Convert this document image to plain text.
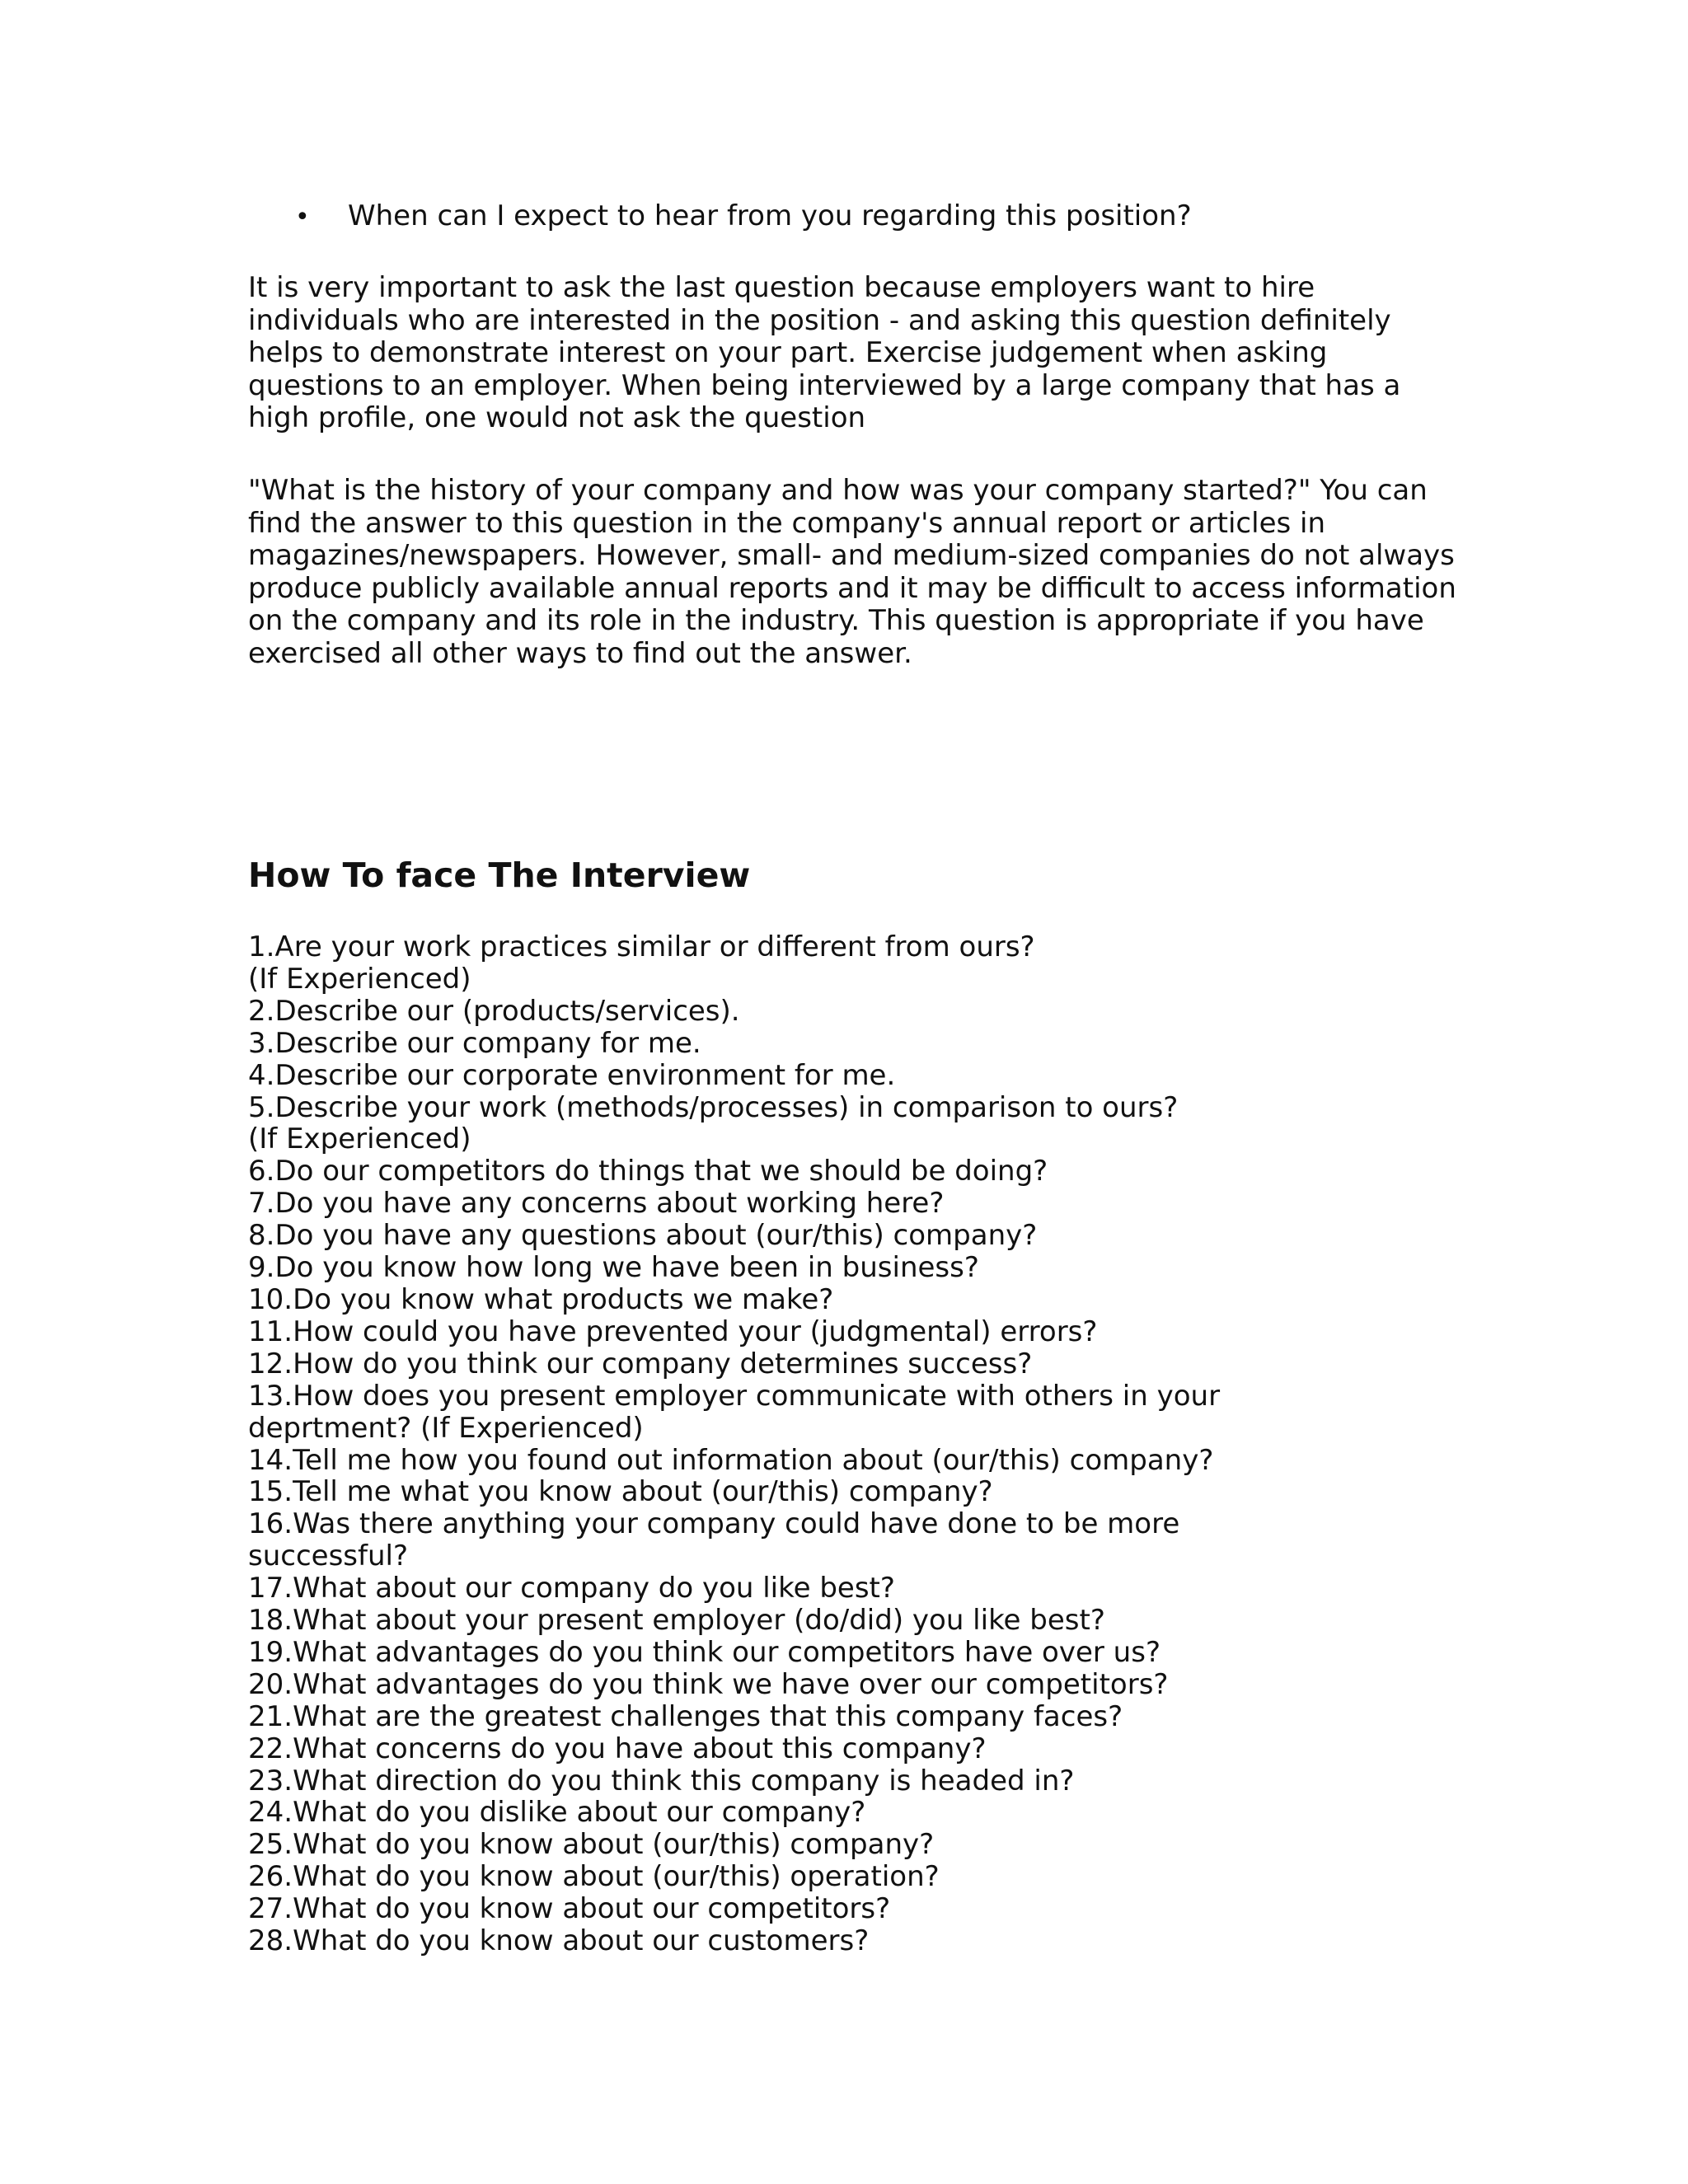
• When can I expect to hear from you regarding this position?

It is very important to ask the last question because employers want to hire
individuals who are interested in the position - and asking this question definitely
helps to demonstrate interest on your part. Exercise judgement when asking
questions to an employer. When being interviewed by a large company that has a
high profile, one would not ask the question

"What is the history of your company and how was your company started?" You can
find the answer to this question in the company's annual report or articles in
magazines/newspapers. However, small- and medium-sized companies do not always
produce publicly available annual reports and it may be difficult to access information
on the company and its role in the industry. This question is appropriate if you have
exercised all other ways to find out the answer.

How To face The Interview
1.Are your work practices similar or different from ours?
(If Experienced)
2.Describe our (products/services).
3.Describe our company for me.
4.Describe our corporate environment for me.
5.Describe your work (methods/processes) in comparison to ours?
(If Experienced)
6.Do our competitors do things that we should be doing?
7.Do you have any concerns about working here?
8.Do you have any questions about (our/this) company?
9.Do you know how long we have been in business?
10.Do you know what products we make?
11.How could you have prevented your (judgmental) errors?
12.How do you think our company determines success?
13.How does you present employer communicate with others in your
deprtment? (If Experienced)
14.Tell me how you found out information about (our/this) company?
15.Tell me what you know about (our/this) company?
16.Was there anything your company could have done to be more
successful?
17.What about our company do you like best?
18.What about your present employer (do/did) you like best?
19.What advantages do you think our competitors have over us?
20.What advantages do you think we have over our competitors?
21.What are the greatest challenges that this company faces?
22.What concerns do you have about this company?
23.What direction do you think this company is headed in?
24.What do you dislike about our company?
25.What do you know about (our/this) company?
26.What do you know about (our/this) operation?
27.What do you know about our competitors?
28.What do you know about our customers?
